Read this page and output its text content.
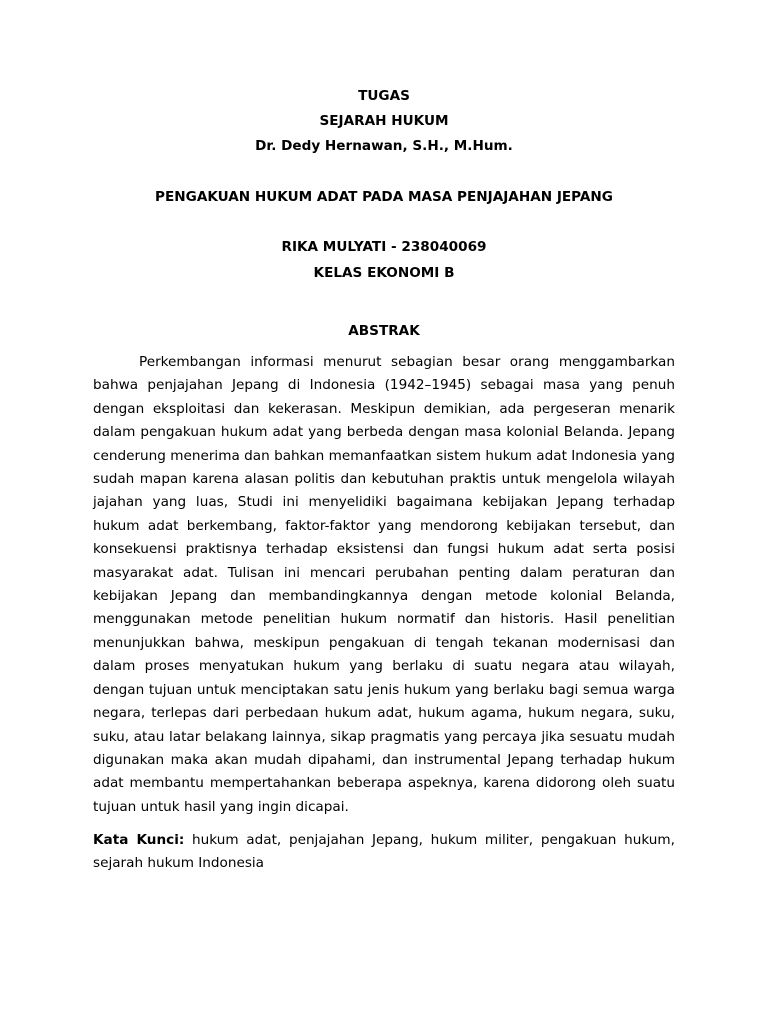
TUGAS
SEJARAH HUKUM
Dr. Dedy Hernawan, S.H., M.Hum.
PENGAKUAN HUKUM ADAT PADA MASA PENJAJAHAN JEPANG
RIKA MULYATI - 238040069
KELAS EKONOMI B
ABSTRAK

Perkembangan informasi menurut sebagian besar orang menggambarkan bahwa penjajahan Jepang di Indonesia (1942–1945) sebagai masa yang penuh dengan eksploitasi dan kekerasan. Meskipun demikian, ada pergeseran menarik dalam pengakuan hukum adat yang berbeda dengan masa kolonial Belanda. Jepang cenderung menerima dan bahkan memanfaatkan sistem hukum adat Indonesia yang sudah mapan karena alasan politis dan kebutuhan praktis untuk mengelola wilayah jajahan yang luas, Studi ini menyelidiki bagaimana kebijakan Jepang terhadap hukum adat berkembang, faktor-faktor yang mendorong kebijakan tersebut, dan konsekuensi praktisnya terhadap eksistensi dan fungsi hukum adat serta posisi masyarakat adat. Tulisan ini mencari perubahan penting dalam peraturan dan kebijakan Jepang dan membandingkannya dengan metode kolonial Belanda, menggunakan metode penelitian hukum normatif dan historis. Hasil penelitian menunjukkan bahwa, meskipun pengakuan di tengah tekanan modernisasi dan dalam proses menyatukan hukum yang berlaku di suatu negara atau wilayah, dengan tujuan untuk menciptakan satu jenis hukum yang berlaku bagi semua warga negara, terlepas dari perbedaan hukum adat, hukum agama, hukum negara, suku, suku, atau latar belakang lainnya, sikap pragmatis yang percaya jika sesuatu mudah digunakan maka akan mudah dipahami, dan instrumental Jepang terhadap hukum adat membantu mempertahankan beberapa aspeknya, karena didorong oleh suatu tujuan untuk hasil yang ingin dicapai.

Kata Kunci: hukum adat, penjajahan Jepang, hukum militer, pengakuan hukum, sejarah hukum Indonesia
